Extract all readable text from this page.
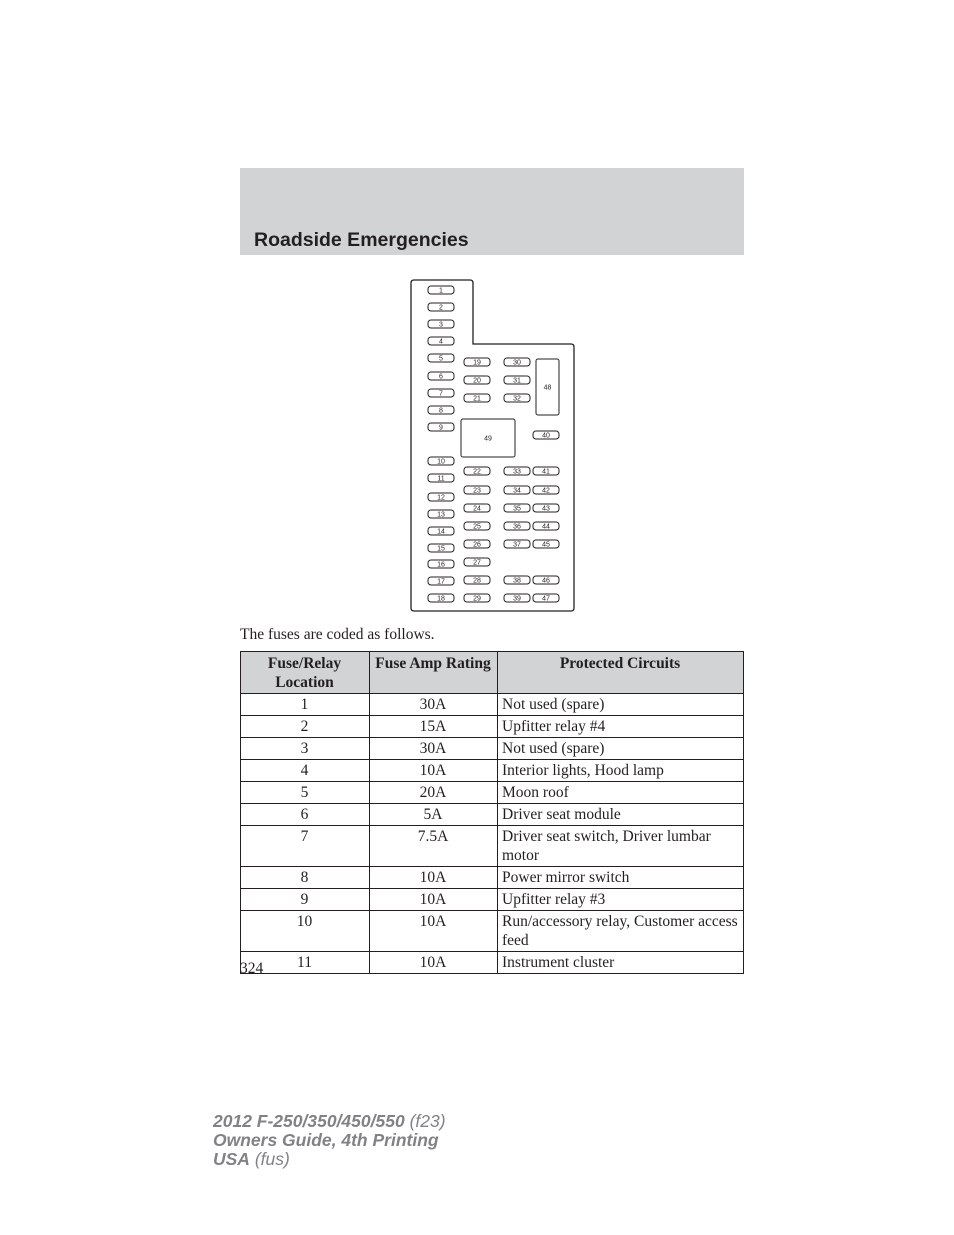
Roadside Emergencies
1
2
3
4
5
6
7
8
9
10
11
12
13
14
15
16
17
18
19
20
21
22
23
24
25
26
27
28
29
30
31
32
33
34
35
36
37
38
39
40
41
42
43
44
45
46
47
48
49
The fuses are coded as follows.
Fuse/Relay Location	Fuse Amp Rating	Protected Circuits
1	30A	Not used (spare)
2	15A	Upfitter relay #4
3	30A	Not used (spare)
4	10A	Interior lights, Hood lamp
5	20A	Moon roof
6	5A	Driver seat module
7	7.5A	Driver seat switch, Driver lumbar motor
8	10A	Power mirror switch
9	10A	Upfitter relay #3
10	10A	Run/accessory relay, Customer access feed
11	10A	Instrument cluster
324
2012 F-250/350/450/550 (f23)
Owners Guide, 4th Printing
USA (fus)
